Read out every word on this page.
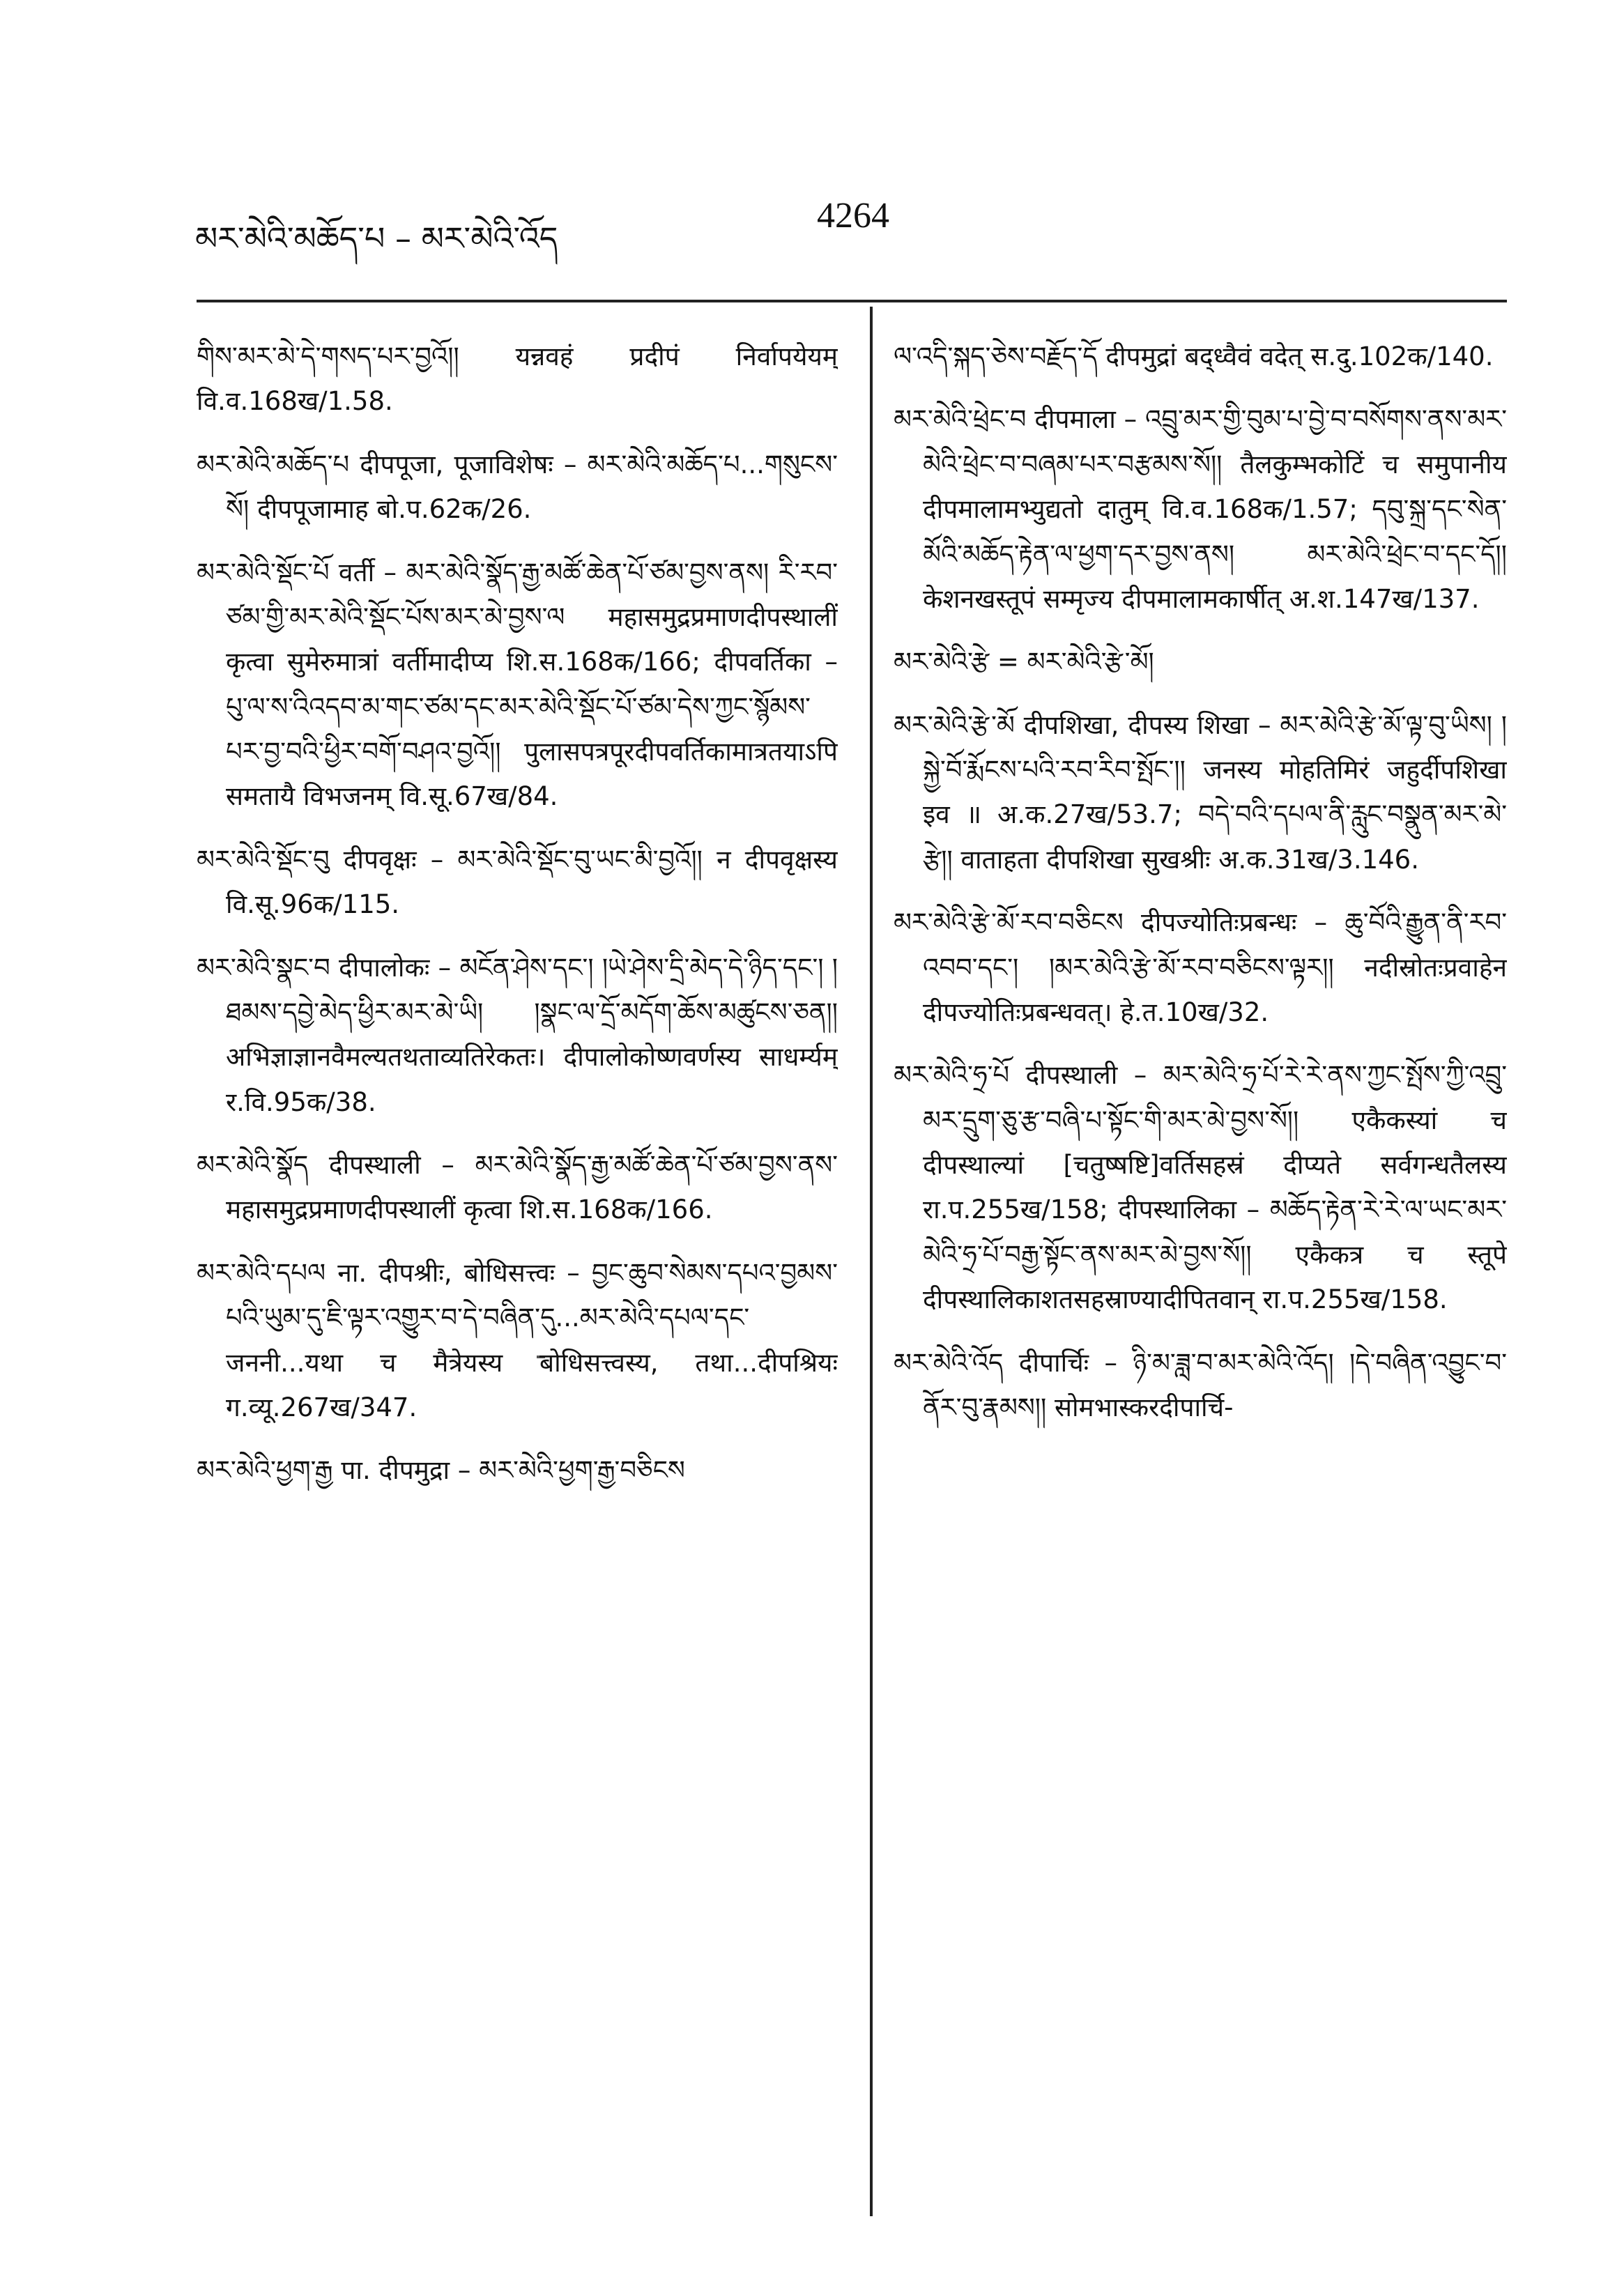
མར་མེའི་མཆོད་པ – མར་མེའི་འོད
4264

གིས་མར་མེ་དེ་གསད་པར་བྱའོ།། यन्नवहं प्रदीपं निर्वापयेयम् वि.व.168ख/1.58.

མར་མེའི་མཆོད་པ दीपपूजा, पूजाविशेषः – མར་མེའི་མཆོད་པ...གསུངས་སོ། दीपपूजामाह बो.प.62क/26.

མར་མེའི་སྡོང་པོ वर्ती – མར་མེའི་སྣོད་རྒྱ་མཚོ་ཆེན་པོ་ཙམ་བྱས་ནས། རི་རབ་ཙམ་གྱི་མར་མེའི་སྡོང་པོས་མར་མེ་བྱས་ལ महासमुद्रप्रमाणदीपस्थालीं कृत्वा सुमेरुमात्रां वर्तीमादीप्य शि.स.168क/166; दीपवर्तिका – པུ་ལ་ས་འིའདབ་མ་གང་ཙམ་དང་མར་མེའི་སྡོང་པོ་ཙམ་དེས་ཀྱང་སྙོམས་པར་བྱ་བའི་ཕྱིར་བགོ་བཤའ་བྱའོ།། पुलासपत्रपूरदीपवर्तिकामात्रतयाऽपि समतायै विभजनम् वि.सू.67ख/84.

མར་མེའི་སྡོང་བུ दीपवृक्षः – མར་མེའི་སྡོང་བུ་ཡང་མི་བྱའོ།། न दीपवृक्षस्य वि.सू.96क/115.

མར་མེའི་སྣང་བ दीपालोकः – མངོན་ཤེས་དང་། །ཡེ་ཤེས་དྲི་མེད་དེ་ཉིད་དང་། །ཐམས་དབྱེ་མེད་ཕྱིར་མར་མེ་ཡི། །སྣང་ལ་དྲོ་མདོག་ཆོས་མཚུངས་ཅན།། अभिज्ञाज्ञानवैमल्यतथताव्यतिरेकतः। दीपालोकोष्णवर्णस्य साधर्म्यम् र.वि.95क/38.

མར་མེའི་སྣོད दीपस्थाली – མར་མེའི་སྣོད་རྒྱ་མཚོ་ཆེན་པོ་ཙམ་བྱས་ནས་ महासमुद्रप्रमाणदीपस्थालीं कृत्वा शि.स.168क/166.

མར་མེའི་དཔལ ना. दीपश्रीः, बोधिसत्त्वः – བྱང་ཆུབ་སེམས་དཔའ་བྱམས་པའི་ཡུམ་དུ་ཇི་ལྟར་འགྱུར་བ་དེ་བཞིན་དུ...མར་མེའི་དཔལ་དང་ जननी...यथा च मैत्रेयस्य बोधिसत्त्वस्य, तथा...दीपश्रियः ग.व्यू.267ख/347.

མར་མེའི་ཕྱག་རྒྱ पा. दीपमुद्रा – མར་མེའི་ཕྱག་རྒྱ་བཅིངས

ལ་འདི་སྐད་ཅེས་བརྗོད་དོ दीपमुद्रां बद्ध्वैवं वदेत् स.दु.102क/140.

མར་མེའི་ཕྲེང་བ दीपमाला – འབྲུ་མར་གྱི་བུམ་པ་བྱེ་བ་བསོགས་ནས་མར་མེའི་ཕྲེང་བ་བཞམ་པར་བརྩམས་སོ།། तैलकुम्भकोटिं च समुपानीय दीपमालामभ्युद्यतो दातुम् वि.व.168क/1.57; དབུ་སྐྲ་དང་སེན་མོའི་མཆོད་རྟེན་ལ་ཕྱག་དར་བྱས་ནས། མར་མེའི་ཕྲེང་བ་དང་དོ།། केशनखस्तूपं सम्मृज्य दीपमालामकार्षीत् अ.श.147ख/137.

མར་མེའི་རྩེ = མར་མེའི་རྩེ་མོ།

མར་མེའི་རྩེ་མོ दीपशिखा, दीपस्य शिखा – མར་མེའི་རྩེ་མོ་ལྟ་བུ་ཡིས། །སྐྱེ་བོ་རྨོངས་པའི་རབ་རིབ་སྤོང་།། जनस्य मोहतिमिरं जहुर्दीपशिखा इव ॥ अ.क.27ख/53.7; བདེ་བའི་དཔལ་ནི་རླུང་བསྣུན་མར་མེ་རྩེ།། वाताहता दीपशिखा सुखश्रीः अ.क.31ख/3.146.

མར་མེའི་རྩེ་མོ་རབ་བཅིངས दीपज्योतिःप्रबन्धः – ཆུ་བོའི་རྒྱུན་ནི་རབ་འབབ་དང་། །མར་མེའི་རྩེ་མོ་རབ་བཅིངས་ལྟར།། नदीस्रोतःप्रवाहेन दीपज्योतिःप्रबन्धवत्। हे.त.10ख/32.

མར་མེའི་ཧྲ་པོ दीपस्थाली – མར་མེའི་ཧྲ་པོ་རེ་རེ་ནས་ཀྱང་སྤོས་ཀྱི་འབྲུ་མར་དྲུག་ཅུ་རྩ་བཞི་པ་སྟོང་གི་མར་མེ་བྱས་སོ།། एकैकस्यां च दीपस्थाल्यां [चतुष्षष्टि]वर्तिसहस्रं दीप्यते सर्वगन्धतैलस्य रा.प.255ख/158; दीपस्थालिका – མཆོད་རྟེན་རེ་རེ་ལ་ཡང་མར་མེའི་ཧྲ་པོ་བརྒྱ་སྟོང་ནས་མར་མེ་བྱས་སོ།། एकैकत्र च स्तूपे दीपस्थालिकाशतसहस्राण्यादीपितवान् रा.प.255ख/158.

མར་མེའི་འོད दीपार्चिः – ཉི་མ་ཟླ་བ་མར་མེའི་འོད། །དེ་བཞིན་འབྱུང་བ་ནོར་བུ་རྣམས།། सोमभास्करदीपार्चि-
